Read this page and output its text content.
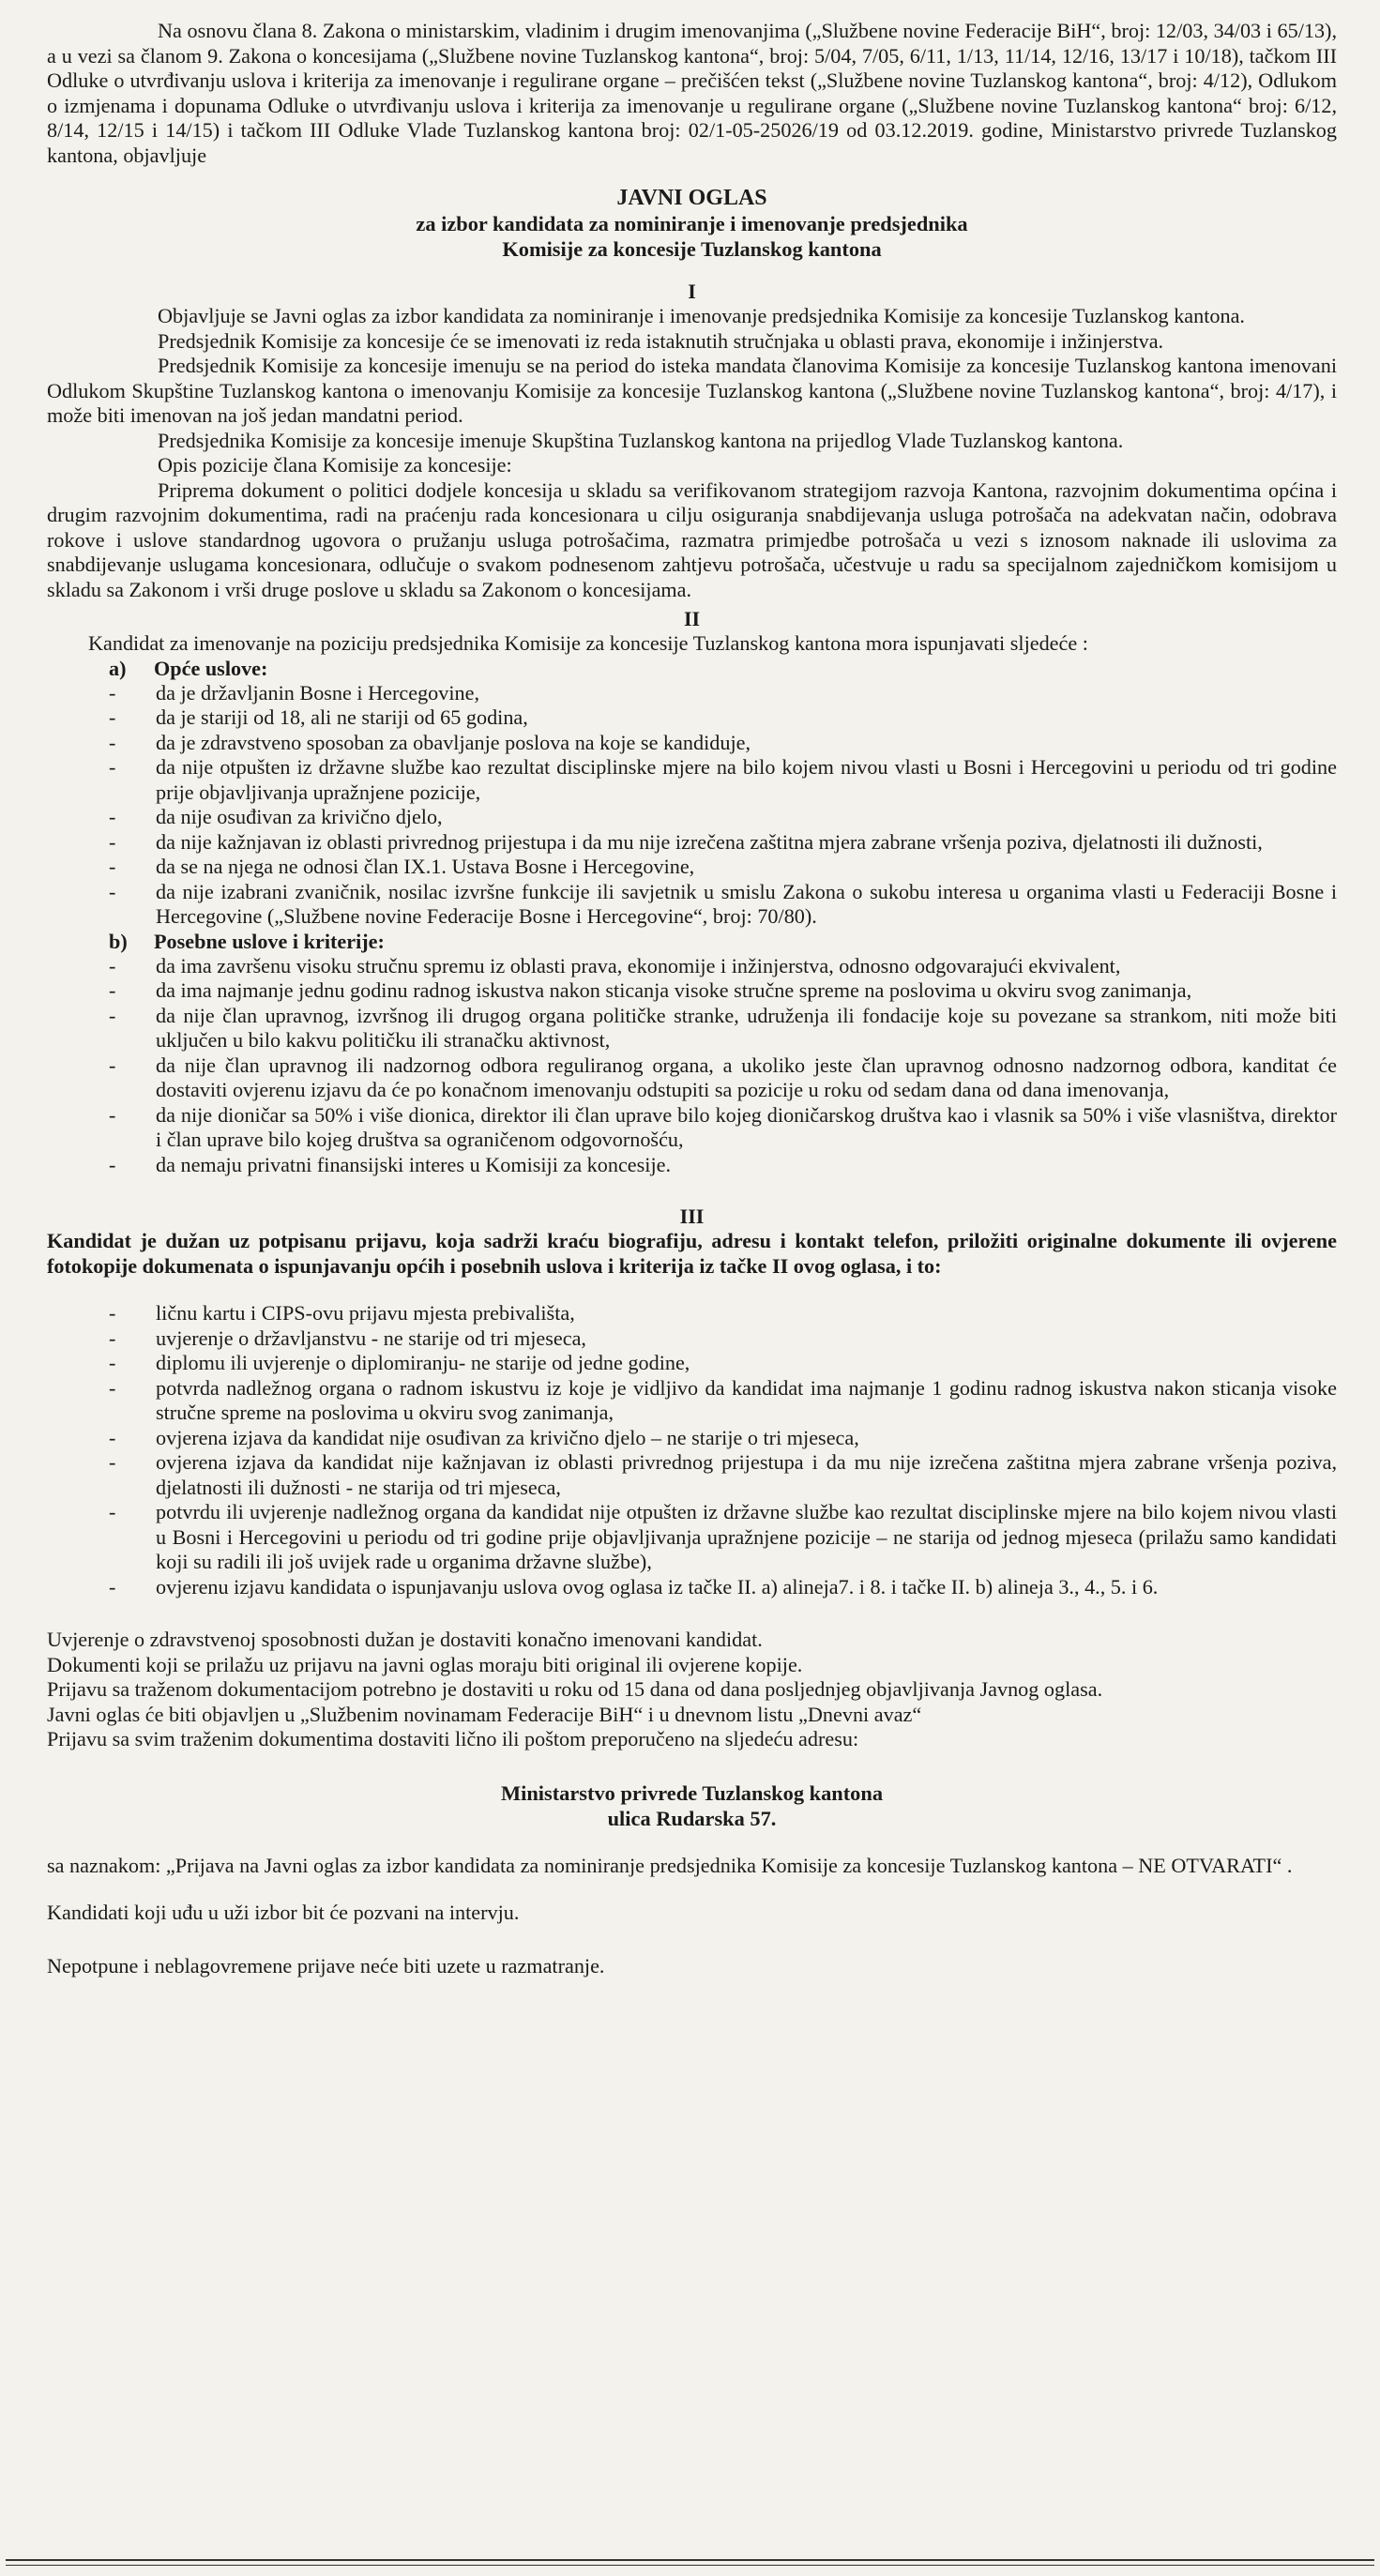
Na osnovu člana 8. Zakona o ministarskim, vladinim i drugim imenovanjima („Službene novine Federacije BiH“, broj: 12/03, 34/03 i 65/13), a u vezi sa članom 9. Zakona o koncesijama („Službene novine Tuzlanskog kantona“, broj: 5/04, 7/05, 6/11, 1/13, 11/14, 12/16, 13/17 i 10/18), tačkom III Odluke o utvrđivanju uslova i kriterija za imenovanje i regulirane organe – prečišćen tekst („Službene novine Tuzlanskog kantona“, broj: 4/12), Odlukom o izmjenama i dopunama Odluke o utvrđivanju uslova i kriterija za imenovanje u regulirane organe („Službene novine Tuzlanskog kantona“ broj: 6/12, 8/14, 12/15 i 14/15) i tačkom III Odluke Vlade Tuzlanskog kantona broj: 02/1-05-25026/19 od 03.12.2019. godine, Ministarstvo privrede Tuzlanskog kantona, objavljuje

JAVNI OGLAS
za izbor kandidata za nominiranje i imenovanje predsjednika
Komisije za koncesije Tuzlanskog kantona
I

Objavljuje se Javni oglas za izbor kandidata za nominiranje i imenovanje predsjednika Komisije za koncesije Tuzlanskog kantona.

Predsjednik Komisije za koncesije će se imenovati iz reda istaknutih stručnjaka u oblasti prava, ekonomije i inžinjerstva.

Predsjednik Komisije za koncesije imenuju se na period do isteka mandata članovima Komisije za koncesije Tuzlanskog kantona imenovani Odlukom Skupštine Tuzlanskog kantona o imenovanju Komisije za koncesije Tuzlanskog kantona („Službene novine Tuzlanskog kantona“, broj: 4/17), i može biti imenovan na još jedan mandatni period.

Predsjednika Komisije za koncesije imenuje Skupština Tuzlanskog kantona na prijedlog Vlade Tuzlanskog kantona.

Opis pozicije člana Komisije za koncesije:

Priprema dokument o politici dodjele koncesija u skladu sa verifikovanom strategijom razvoja Kantona, razvojnim dokumentima općina i drugim razvojnim dokumentima, radi na praćenju rada koncesionara u cilju osiguranja snabdijevanja usluga potrošača na adekvatan način, odobrava rokove i uslove standardnog ugovora o pružanju usluga potrošačima, razmatra primjedbe potrošača u vezi s iznosom naknade ili uslovima za snabdijevanje uslugama koncesionara, odlučuje o svakom podnesenom zahtjevu potrošača, učestvuje u radu sa specijalnom zajedničkom komisijom u skladu sa Zakonom i vrši druge poslove u skladu sa Zakonom o koncesijama.

II

Kandidat za imenovanje na poziciju predsjednika Komisije za koncesije Tuzlanskog kantona mora ispunjavati sljedeće :

a)	Opće uslove:
-	da je državljanin Bosne i Hercegovine,
-	da je stariji od 18, ali ne stariji od 65 godina,
-	da je zdravstveno sposoban za obavljanje poslova na koje se kandiduje,
-	da nije otpušten iz državne službe kao rezultat disciplinske mjere na bilo kojem nivou vlasti u Bosni i Hercegovini u periodu od tri godine prije objavljivanja upražnjene pozicije,
-	da nije osuđivan za krivično djelo,
-	da nije kažnjavan iz oblasti privrednog prijestupa i da mu nije izrečena zaštitna mjera zabrane vršenja poziva, djelatnosti ili dužnosti,
-	da se na njega ne odnosi član IX.1. Ustava Bosne i Hercegovine,
-	da nije izabrani zvaničnik, nosilac izvršne funkcije ili savjetnik u smislu Zakona o sukobu interesa u organima vlasti u Federaciji Bosne i Hercegovine („Službene novine Federacije Bosne i Hercegovine“, broj: 70/80).
b)	Posebne uslove i kriterije:
-	da ima završenu visoku stručnu spremu iz oblasti prava, ekonomije i inžinjerstva, odnosno odgovarajući ekvivalent,
-	da ima najmanje jednu godinu radnog iskustva nakon sticanja visoke stručne spreme na poslovima u okviru svog zanimanja,
-	da nije član upravnog, izvršnog ili drugog organa političke stranke, udruženja ili fondacije koje su povezane sa strankom, niti može biti uključen u bilo kakvu političku ili stranačku aktivnost,
-	da nije član upravnog ili nadzornog odbora reguliranog organa, a ukoliko jeste član upravnog odnosno nadzornog odbora, kanditat će dostaviti ovjerenu izjavu da će po konačnom imenovanju odstupiti sa pozicije u roku od sedam dana od dana imenovanja,
-	da nije dioničar sa 50% i više dionica, direktor ili član uprave bilo kojeg dioničarskog društva kao i vlasnik sa 50% i više vlasništva, direktor i član uprave bilo kojeg društva sa ograničenom odgovornošću,
-	da nemaju privatni finansijski interes u Komisiji za koncesije.
III

Kandidat je dužan uz potpisanu prijavu, koja sadrži kraću biografiju, adresu i kontakt telefon, priložiti originalne dokumente ili ovjerene fotokopije dokumenata o ispunjavanju općih i posebnih uslova i kriterija iz tačke II ovog oglasa, i to:

-	ličnu kartu i CIPS-ovu prijavu mjesta prebivališta,
-	uvjerenje o državljanstvu - ne starije od tri mjeseca,
-	diplomu ili uvjerenje o diplomiranju- ne starije od jedne godine,
-	potvrda nadležnog organa o radnom iskustvu iz koje je vidljivo da kandidat ima najmanje 1 godinu radnog iskustva nakon sticanja visoke stručne spreme na poslovima u okviru svog zanimanja,
-	ovjerena izjava da kandidat nije osuđivan za krivično djelo – ne starije o tri mjeseca,
-	ovjerena izjava da kandidat nije kažnjavan iz oblasti privrednog prijestupa i da mu nije izrečena zaštitna mjera zabrane vršenja poziva, djelatnosti ili dužnosti - ne starija od tri mjeseca,
-	potvrdu ili uvjerenje nadležnog organa da kandidat nije otpušten iz državne službe kao rezultat disciplinske mjere na bilo kojem nivou vlasti u Bosni i Hercegovini u periodu od tri godine prije objavljivanja upražnjene pozicije – ne starija od jednog mjeseca (prilažu samo kandidati koji su radili ili još uvijek rade u organima državne službe),
-	ovjerenu izjavu kandidata o ispunjavanju uslova ovog oglasa iz tačke II. a) alineja7. i 8. i tačke II. b) alineja 3., 4., 5. i 6.

Uvjerenje o zdravstvenoj sposobnosti dužan je dostaviti konačno imenovani kandidat.

Dokumenti koji se prilažu uz prijavu na javni oglas moraju biti original ili ovjerene kopije.

Prijavu sa traženom dokumentacijom potrebno je dostaviti u roku od 15 dana od dana posljednjeg objavljivanja Javnog oglasa.

Javni oglas će biti objavljen u „Službenim novinamam Federacije BiH“ i u dnevnom listu „Dnevni avaz“

Prijavu sa svim traženim dokumentima dostaviti lično ili poštom preporučeno na sljedeću adresu:

Ministarstvo privrede Tuzlanskog kantona
ulica Rudarska 57.

sa naznakom: „Prijava na Javni oglas za izbor kandidata za nominiranje predsjednika Komisije za koncesije Tuzlanskog kantona – NE OTVARATI“ .

Kandidati koji uđu u uži izbor bit će pozvani na intervju.

Nepotpune i neblagovremene prijave neće biti uzete u razmatranje.
